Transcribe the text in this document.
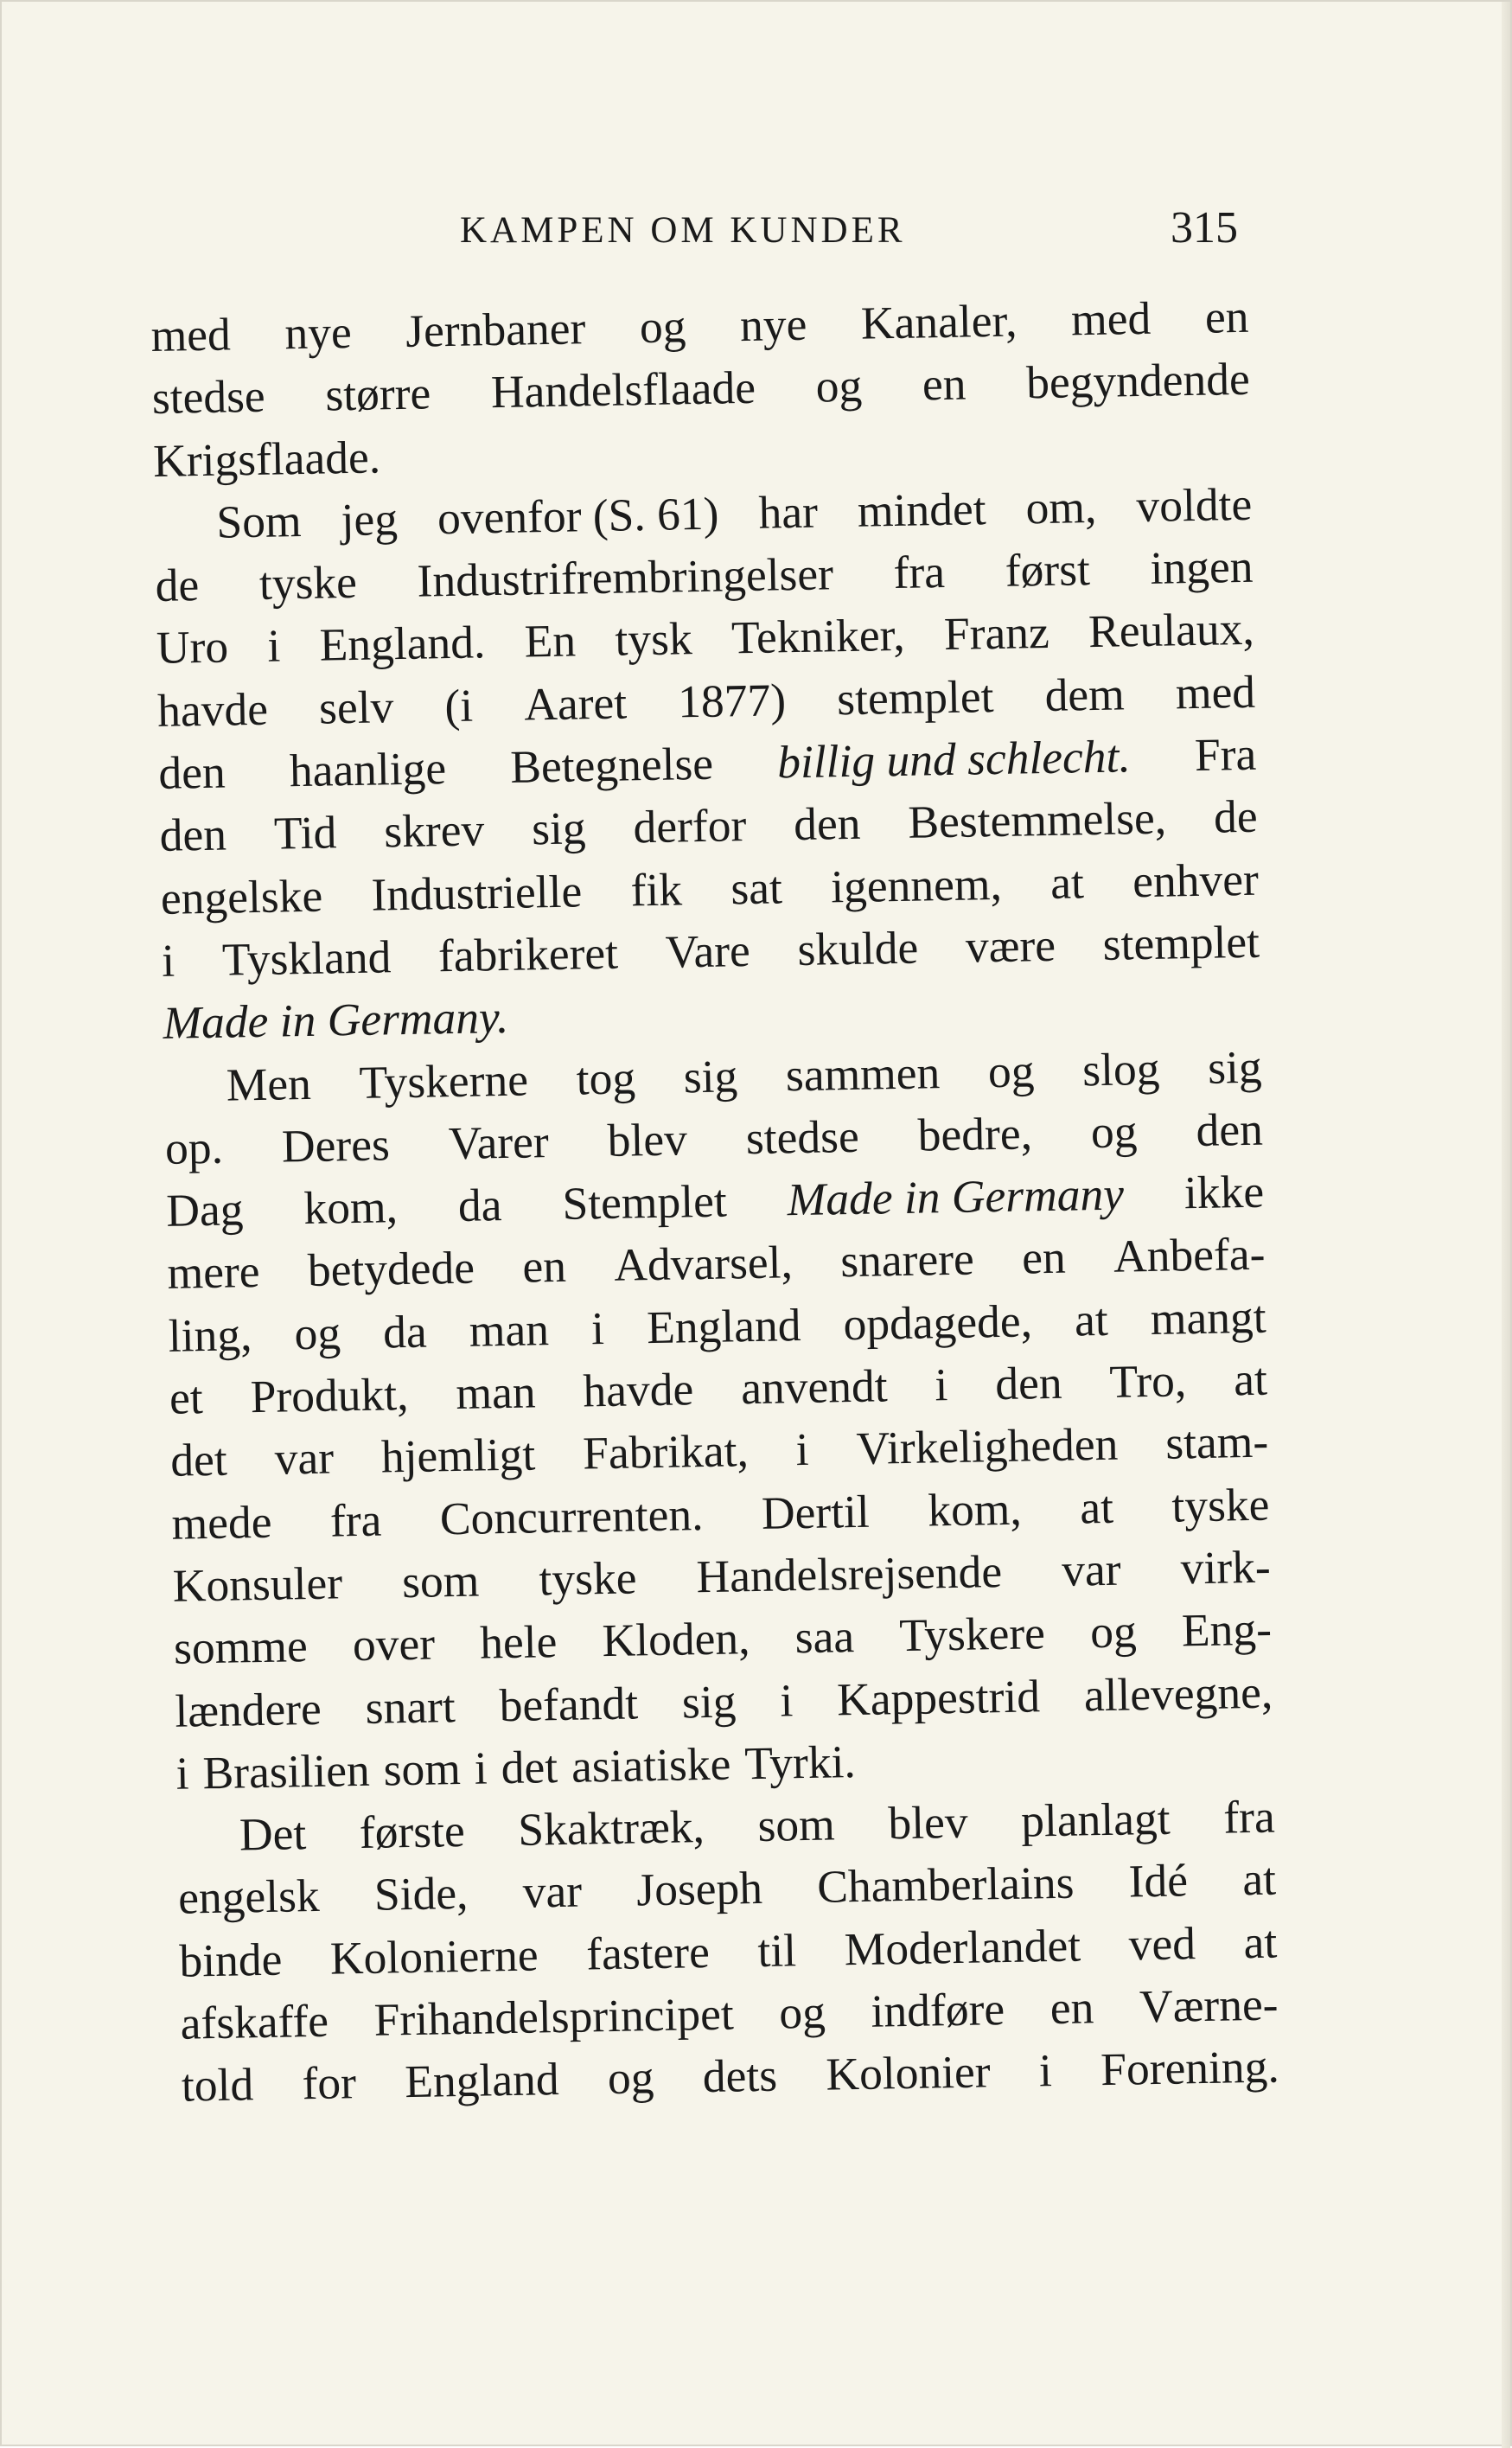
KAMPEN OM KUNDER	315
med nye Jernbaner og nye Kanaler, med en
stedse større Handelsflaade og en begyndende
Krigsflaade.
Som jeg ovenfor (S. 61) har mindet om, voldte
de tyske Industrifrembringelser fra først ingen
Uro i England. En tysk Tekniker, Franz Reulaux,
havde selv (i Aaret 1877) stemplet dem med
den haanlige Betegnelse billig und schlecht. Fra
den Tid skrev sig derfor den Bestemmelse, de
engelske Industrielle fik sat igennem, at enhver
i Tyskland fabrikeret Vare skulde være stemplet
Made in Germany.
Men Tyskerne tog sig sammen og slog sig
op. Deres Varer blev stedse bedre, og den
Dag kom, da Stemplet Made in Germany ikke
mere betydede en Advarsel, snarere en Anbefa-
ling, og da man i England opdagede, at mangt
et Produkt, man havde anvendt i den Tro, at
det var hjemligt Fabrikat, i Virkeligheden stam-
mede fra Concurrenten. Dertil kom, at tyske
Konsuler som tyske Handelsrejsende var virk-
somme over hele Kloden, saa Tyskere og Eng-
lændere snart befandt sig i Kappestrid allevegne,
i Brasilien som i det asiatiske Tyrki.
Det første Skaktræk, som blev planlagt fra
engelsk Side, var Joseph Chamberlains Idé at
binde Kolonierne fastere til Moderlandet ved at
afskaffe Frihandelsprincipet og indføre en Værne-
told for England og dets Kolonier i Forening.
